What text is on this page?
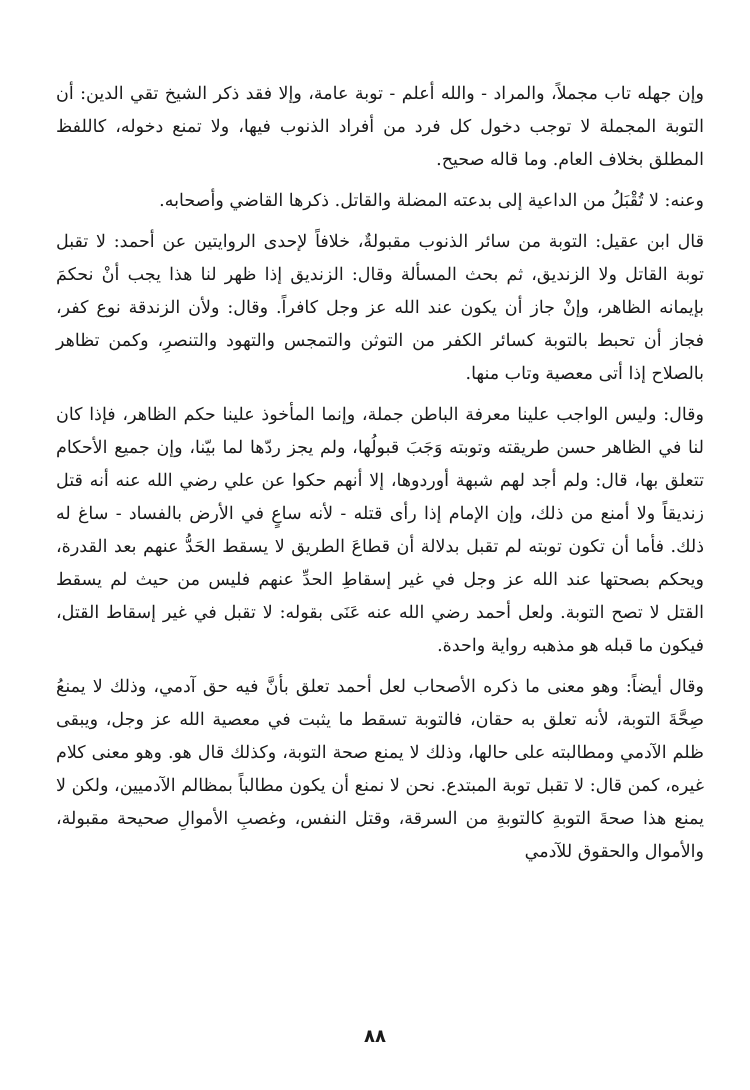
وإن جهله تاب مجملاً، والمراد - والله أعلم - توبة عامة، وإلا فقد ذكر الشيخ تقي الدين: أن التوبة المجملة لا توجب دخول كل فرد من أفراد الذنوب فيها، ولا تمنع دخوله، كاللفظ المطلق بخلاف العام. وما قاله صحيح.

وعنه: لا تُقْبَلُ من الداعية إلى بدعته المضلة والقاتل. ذكرها القاضي وأصحابه.

قال ابن عقيل: التوبة من سائر الذنوب مقبولةٌ، خلافاً لإحدى الروايتين عن أحمد: لا تقبل توبة القاتل ولا الزنديق، ثم بحث المسألة وقال: الزنديق إذا ظهر لنا هذا يجب أنْ نحكمَ بإيمانه الظاهر، وإنْ جاز أن يكون عند الله عز وجل كافراً. وقال: ولأن الزندقة نوع كفر، فجاز أن تحبط بالتوبة كسائر الكفر من التوثن والتمجس والتهود والتنصرِ، وكمن تظاهر بالصلاح إذا أتى معصية وتاب منها.

وقال: وليس الواجب علينا معرفة الباطن جملة، وإنما المأخوذ علينا حكم الظاهر، فإذا كان لنا في الظاهر حسن طريقته وتوبته وَجَبَ قبولُها، ولم يجز ردّها لما بيّنا، وإن جميع الأحكام تتعلق بها، قال: ولم أجد لهم شبهة أوردوها، إلا أنهم حكوا عن علي رضي الله عنه أنه قتل زنديقاً ولا أمنع من ذلك، وإن الإمام إذا رأى قتله - لأنه ساعٍ في الأرض بالفساد - ساغ له ذلك. فأما أن تكون توبته لم تقبل بدلالة أن قطاعَ الطريق لا يسقط الحَدُّ عنهم بعد القدرة، ويحكم بصحتها عند الله عز وجل في غير إسقاطِ الحدِّ عنهم فليس من حيث لم يسقط القتل لا تصح التوبة. ولعل أحمد رضي الله عنه عَنَى بقوله: لا تقبل في غير إسقاط القتل، فيكون ما قبله هو مذهبه رواية واحدة.

وقال أيضاً: وهو معنى ما ذكره الأصحاب لعل أحمد تعلق بأنَّ فيه حق آدمي، وذلك لا يمنعُ صِحَّةَ التوبة، لأنه تعلق به حقان، فالتوبة تسقط ما يثبت في معصية الله عز وجل، ويبقى ظلم الآدمي ومطالبته على حالها، وذلك لا يمنع صحة التوبة، وكذلك قال هو. وهو معنى كلام غيره، كمن قال: لا تقبل توبة المبتدع. نحن لا نمنع أن يكون مطالباً بمظالم الآدميين، ولكن لا يمنع هذا صحةَ التوبةِ كالتوبةِ من السرقة، وقتل النفس، وغصبِ الأموالِ صحيحة مقبولة، والأموال والحقوق للآدمي

٨٨
